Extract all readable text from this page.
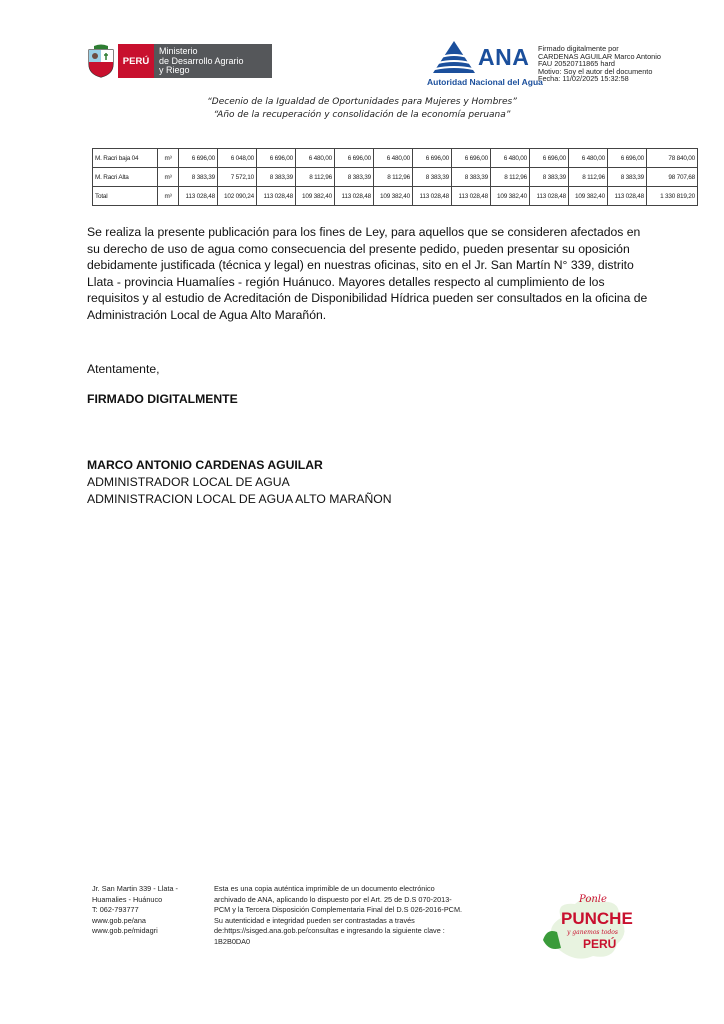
PERÚ
Ministerio
de Desarrollo Agrario
y Riego	ANA
Autoridad Nacional del Agua
Firmado digitalmente por
CARDENAS AGUILAR Marco Antonio
FAU 20520711865 hard
Motivo: Soy el autor del documento
Fecha: 11/02/2025 15:32:58
“Decenio de la Igualdad de Oportunidades para Mujeres y Hombres”
“Año de la recuperación y consolidación de la economía peruana”
M. Racri baja 04	m³	6 696,00	6 048,00	6 696,00	6 480,00	6 696,00	6 480,00	6 696,00	6 696,00	6 480,00	6 696,00	6 480,00	6 696,00	78 840,00
M. Racri Alta	m³	8 383,39	7 572,10	8 383,39	8 112,96	8 383,39	8 112,96	8 383,39	8 383,39	8 112,96	8 383,39	8 112,96	8 383,39	98 707,68
Total	m³	113 028,48	102 090,24	113 028,48	109 382,40	113 028,48	109 382,40	113 028,48	113 028,48	109 382,40	113 028,48	109 382,40	113 028,48	1 330 819,20
Se realiza la presente publicación para los fines de Ley, para aquellos que se consideren afectados en su derecho de uso de agua como consecuencia del presente pedido, pueden presentar su oposición debidamente justificada (técnica y legal) en nuestras oficinas, sito en el Jr. San Martín N° 339, distrito Llata - provincia Huamalíes - región Huánuco. Mayores detalles respecto al cumplimiento de los requisitos y al estudio de Acreditación de Disponibilidad Hídrica pueden ser consultados en la oficina de Administración Local de Agua Alto Marañón.
Atentamente,
FIRMADO DIGITALMENTE
MARCO ANTONIO CARDENAS AGUILAR
ADMINISTRADOR LOCAL DE AGUA
ADMINISTRACION LOCAL DE AGUA ALTO MARAÑON
Jr. San Martin 339 - Llata -
Huamalies - Huánuco
T: 062-793777
www.gob.pe/ana
www.gob.pe/midagri
Esta es una copia auténtica imprimible de un documento electrónico
archivado de ANA, aplicando lo dispuesto por el Art. 25 de D.S 070-2013-
PCM y la Tercera Disposición Complementaria Final del D.S 026-2016-PCM.
Su autenticidad e integridad pueden ser contrastadas a través
de:https://sisged.ana.gob.pe/consultas e ingresando la siguiente clave :
1B2B0DA0
Ponle
PUNCHE
y ganemos todos
PERÚ
